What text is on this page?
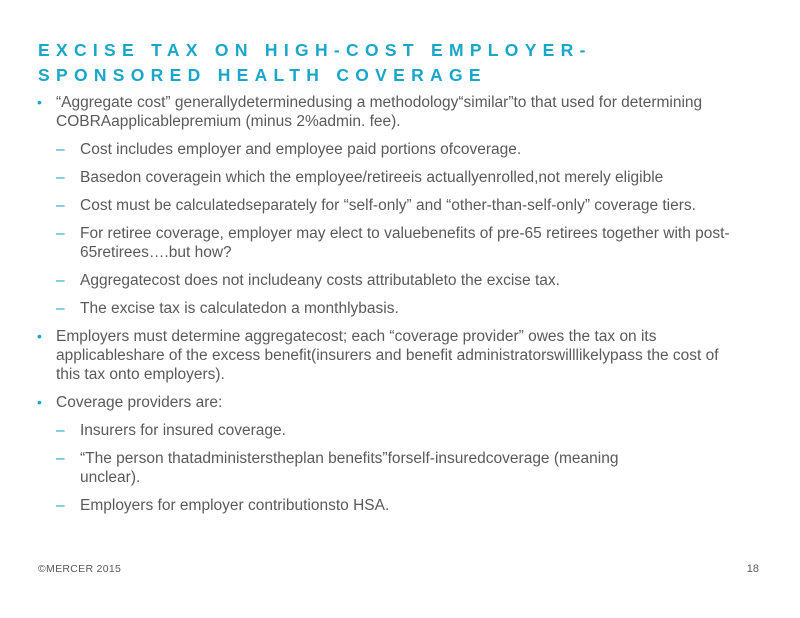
EXCISE TAX ON HIGH-COST EMPLOYER-
SPONSORED HEALTH COVERAGE
• “Aggregate cost” generallydeterminedusing a methodology“similar”to that used for determining COBRAapplicablepremium (minus 2%admin. fee).
– Cost includes employer and employee paid portions ofcoverage.
– Basedon coveragein which the employee/retireeis actuallyenrolled,not merely eligible
– Cost must be calculatedseparately for “self-only” and “other-than-self-only” coverage tiers.
– For retiree coverage, employer may elect to valuebenefits of pre-65 retirees together with post-65retirees….but how?
– Aggregatecost does not includeany costs attributableto the excise tax.
– The excise tax is calculatedon a monthlybasis.
• Employers must determine aggregatecost; each “coverage provider” owes the tax on its applicableshare of the excess benefit(insurers and benefit administratorswilllikelypass the cost of this tax onto employers).
• Coverage providers are:
– Insurers for insured coverage.
– “The person thatadministerstheplan benefits”forself-insuredcoverage (meaning unclear).
– Employers for employer contributionsto HSA.
©MERCER 2015	18
